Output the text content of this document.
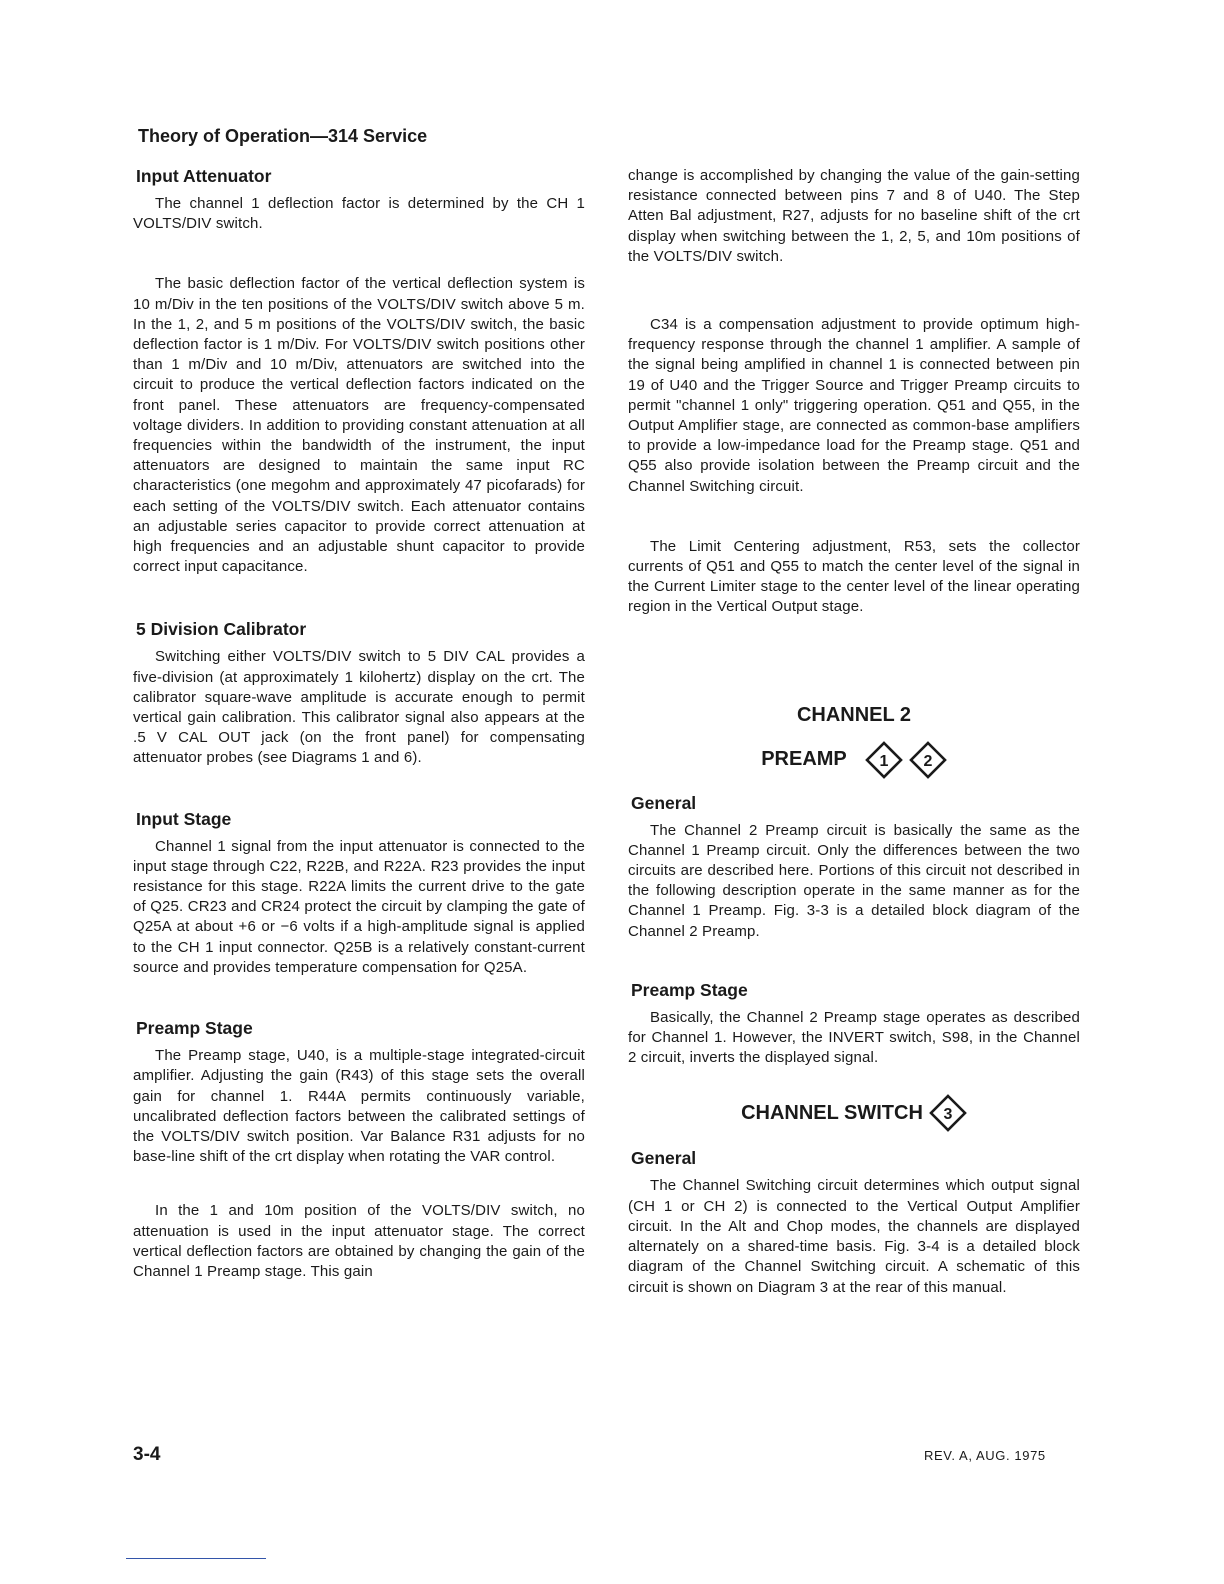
Theory of Operation—314 Service
Input Attenuator

The channel 1 deflection factor is determined by the CH 1 VOLTS/DIV switch.

The basic deflection factor of the vertical deflection system is 10 m/Div in the ten positions of the VOLTS/DIV switch above 5 m. In the 1, 2, and 5 m positions of the VOLTS/DIV switch, the basic deflection factor is 1 m/Div. For VOLTS/DIV switch positions other than 1 m/Div and 10 m/Div, attenuators are switched into the circuit to produce the vertical deflection factors indicated on the front panel. These attenuators are frequency-compensated voltage dividers. In addition to providing constant attenuation at all frequencies within the bandwidth of the instrument, the input attenuators are designed to maintain the same input RC characteristics (one megohm and approximately 47 picofarads) for each setting of the VOLTS/DIV switch. Each attenuator contains an adjustable series capacitor to provide correct attenuation at high frequencies and an adjustable shunt capacitor to provide correct input capacitance.

5 Division Calibrator

Switching either VOLTS/DIV switch to 5 DIV CAL provides a five-division (at approximately 1 kilohertz) display on the crt. The calibrator square-wave amplitude is accurate enough to permit vertical gain calibration. This calibrator signal also appears at the .5 V CAL OUT jack (on the front panel) for compensating attenuator probes (see Diagrams 1 and 6).

Input Stage

Channel 1 signal from the input attenuator is connected to the input stage through C22, R22B, and R22A. R23 provides the input resistance for this stage. R22A limits the current drive to the gate of Q25. CR23 and CR24 protect the circuit by clamping the gate of Q25A at about +6 or −6 volts if a high-amplitude signal is applied to the CH 1 input connector. Q25B is a relatively constant-current source and provides temperature compensation for Q25A.

Preamp Stage

The Preamp stage, U40, is a multiple-stage integrated-circuit amplifier. Adjusting the gain (R43) of this stage sets the overall gain for channel 1. R44A permits continuously variable, uncalibrated deflection factors between the calibrated settings of the VOLTS/DIV switch position. Var Balance R31 adjusts for no base-line shift of the crt display when rotating the VAR control.

In the 1 and 10m position of the VOLTS/DIV switch, no attenuation is used in the input attenuator stage. The correct vertical deflection factors are obtained by changing the gain of the Channel 1 Preamp stage. This gain

change is accomplished by changing the value of the gain-setting resistance connected between pins 7 and 8 of U40. The Step Atten Bal adjustment, R27, adjusts for no baseline shift of the crt display when switching between the 1, 2, 5, and 10m positions of the VOLTS/DIV switch.

C34 is a compensation adjustment to provide optimum high-frequency response through the channel 1 amplifier. A sample of the signal being amplified in channel 1 is connected between pin 19 of U40 and the Trigger Source and Trigger Preamp circuits to permit "channel 1 only" triggering operation. Q51 and Q55, in the Output Amplifier stage, are connected as common-base amplifiers to provide a low-impedance load for the Preamp stage. Q51 and Q55 also provide isolation between the Preamp circuit and the Channel Switching circuit.

The Limit Centering adjustment, R53, sets the collector currents of Q51 and Q55 to match the center level of the signal in the Current Limiter stage to the center level of the linear operating region in the Vertical Output stage.

CHANNEL 2
PREAMP 1 2
General

The Channel 2 Preamp circuit is basically the same as the Channel 1 Preamp circuit. Only the differences between the two circuits are described here. Portions of this circuit not described in the following description operate in the same manner as for the Channel 1 Preamp. Fig. 3-3 is a detailed block diagram of the Channel 2 Preamp.

Preamp Stage

Basically, the Channel 2 Preamp stage operates as described for Channel 1. However, the INVERT switch, S98, in the Channel 2 circuit, inverts the displayed signal.

CHANNEL SWITCH 3
General

The Channel Switching circuit determines which output signal (CH 1 or CH 2) is connected to the Vertical Output Amplifier circuit. In the Alt and Chop modes, the channels are displayed alternately on a shared-time basis. Fig. 3-4 is a detailed block diagram of the Channel Switching circuit. A schematic of this circuit is shown on Diagram 3 at the rear of this manual.

3-4	REV. A, AUG. 1975
